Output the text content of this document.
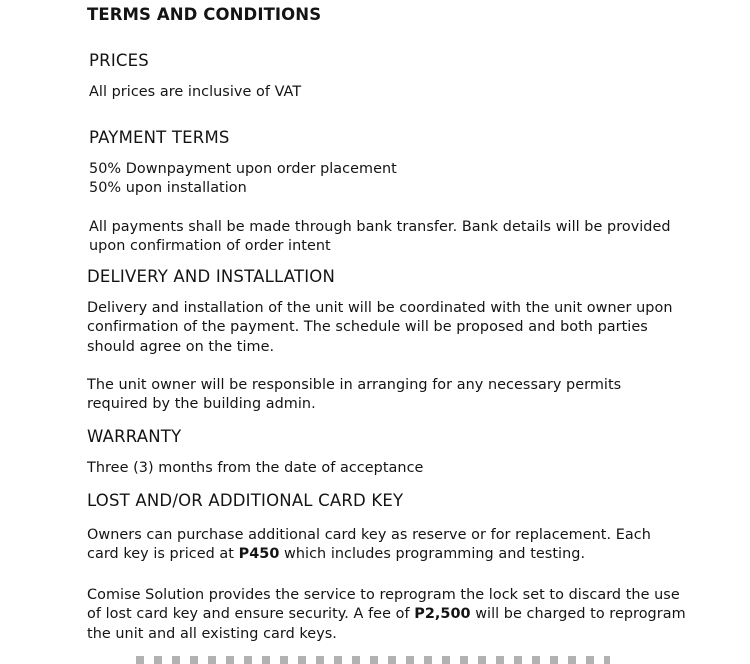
TERMS AND CONDITIONS
PRICES
All prices are inclusive of VAT
PAYMENT TERMS
50% Downpayment upon order placement
50% upon installation
All payments shall be made through bank transfer. Bank details will be provided
upon confirmation of order intent
DELIVERY AND INSTALLATION
Delivery and installation of the unit will be coordinated with the unit owner upon
confirmation of the payment. The schedule will be proposed and both parties
should agree on the time.
The unit owner will be responsible in arranging for any necessary permits
required by the building admin.
WARRANTY
Three (3) months from the date of acceptance
LOST AND/OR ADDITIONAL CARD KEY
Owners can purchase additional card key as reserve or for replacement. Each
card key is priced at P450 which includes programming and testing.
Comise Solution provides the service to reprogram the lock set to discard the use
of lost card key and ensure security. A fee of P2,500 will be charged to reprogram
the unit and all existing card keys.
